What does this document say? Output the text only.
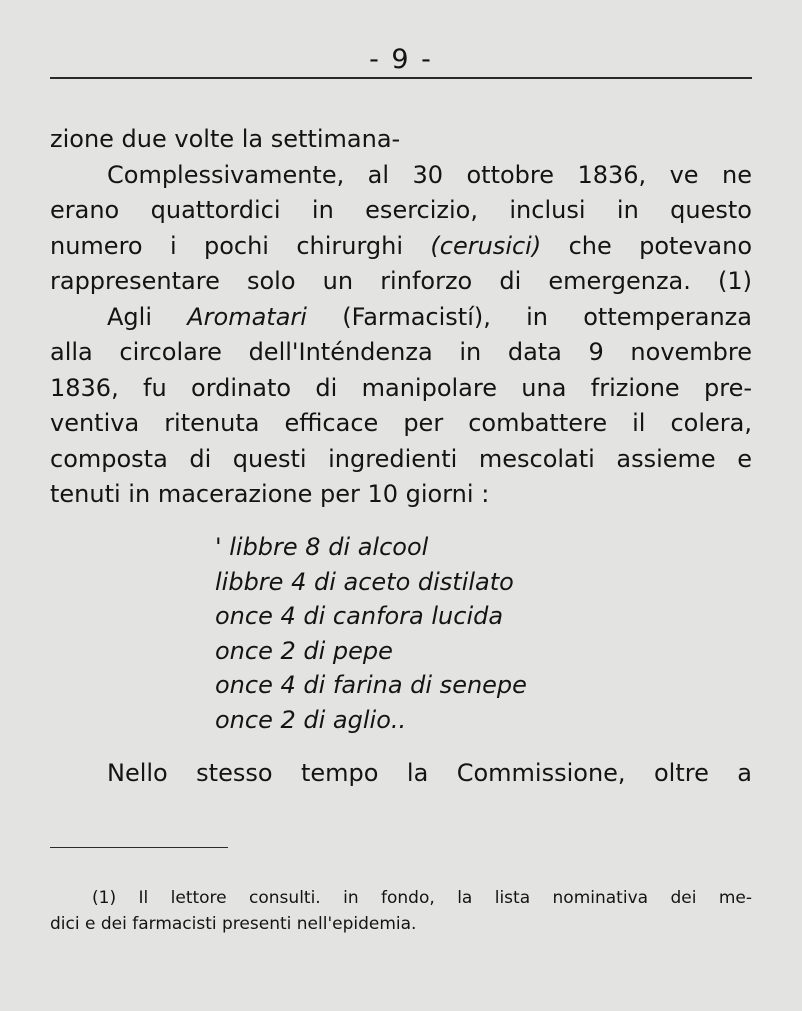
- 9 -
zione due volte la settimana-
Complessivamente, al 30 ottobre 1836, ve ne
erano quattordici in esercizio, inclusi in questo
numero i pochi chirurghi (cerusici) che potevano
rappresentare solo un rinforzo di emergenza. (1)
Agli Aromatari (Farmacistí), in ottemperanza
alla circolare dell'Inténdenza in data 9 novembre
1836, fu ordinato di manipolare una frizione pre-
ventiva ritenuta efficace per combattere il colera,
composta di questi ingredienti mescolati assieme e
tenuti in macerazione per 10 giorni :
' libbre 8 di alcool
libbre 4 di aceto distilato
once 4 di canfora lucida
once 2 di pepe
once 4 di farina di senepe
once 2 di aglio..
Nello stesso tempo la Commissione, oltre a
(1) Il lettore consulti. in fondo, la lista nominativa dei me-
dici e dei farmacisti presenti nell'epidemia.
